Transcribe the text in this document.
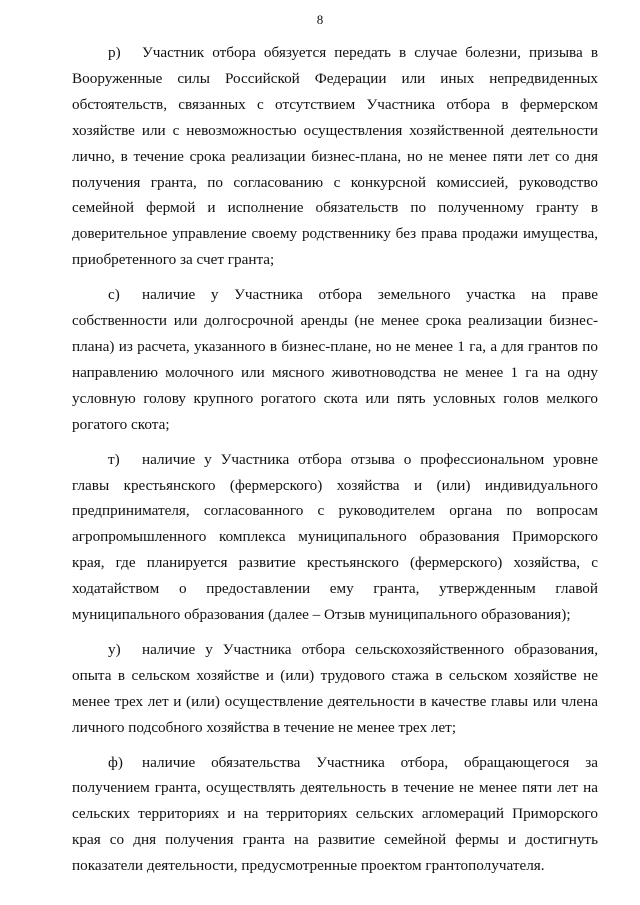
8

р) Участник отбора обязуется передать в случае болезни, призыва в Вооруженные силы Российской Федерации или иных непредвиденных обстоятельств, связанных с отсутствием Участника отбора в фермерском хозяйстве или с невозможностью осуществления хозяйственной деятельности лично, в течение срока реализации бизнес-плана, но не менее пяти лет со дня получения гранта, по согласованию с конкурсной комиссией, руководство семейной фермой и исполнение обязательств по полученному гранту в доверительное управление своему родственнику без права продажи имущества, приобретенного за счет гранта;

с) наличие у Участника отбора земельного участка на праве собственности или долгосрочной аренды (не менее срока реализации бизнес-плана) из расчета, указанного в бизнес-плане, но не менее 1 га, а для грантов по направлению молочного или мясного животноводства не менее 1 га на одну условную голову крупного рогатого скота или пять условных голов мелкого рогатого скота;

т) наличие у Участника отбора отзыва о профессиональном уровне главы крестьянского (фермерского) хозяйства и (или) индивидуального предпринимателя, согласованного с руководителем органа по вопросам агропромышленного комплекса муниципального образования Приморского края, где планируется развитие крестьянского (фермерского) хозяйства, с ходатайством о предоставлении ему гранта, утвержденным главой муниципального образования (далее – Отзыв муниципального образования);

у) наличие у Участника отбора сельскохозяйственного образования, опыта в сельском хозяйстве и (или) трудового стажа в сельском хозяйстве не менее трех лет и (или) осуществление деятельности в качестве главы или члена личного подсобного хозяйства в течение не менее трех лет;

ф) наличие обязательства Участника отбора, обращающегося за получением гранта, осуществлять деятельность в течение не менее пяти лет на сельских территориях и на территориях сельских агломераций Приморского края со дня получения гранта на развитие семейной фермы и достигнуть показатели деятельности, предусмотренные проектом грантополучателя.
